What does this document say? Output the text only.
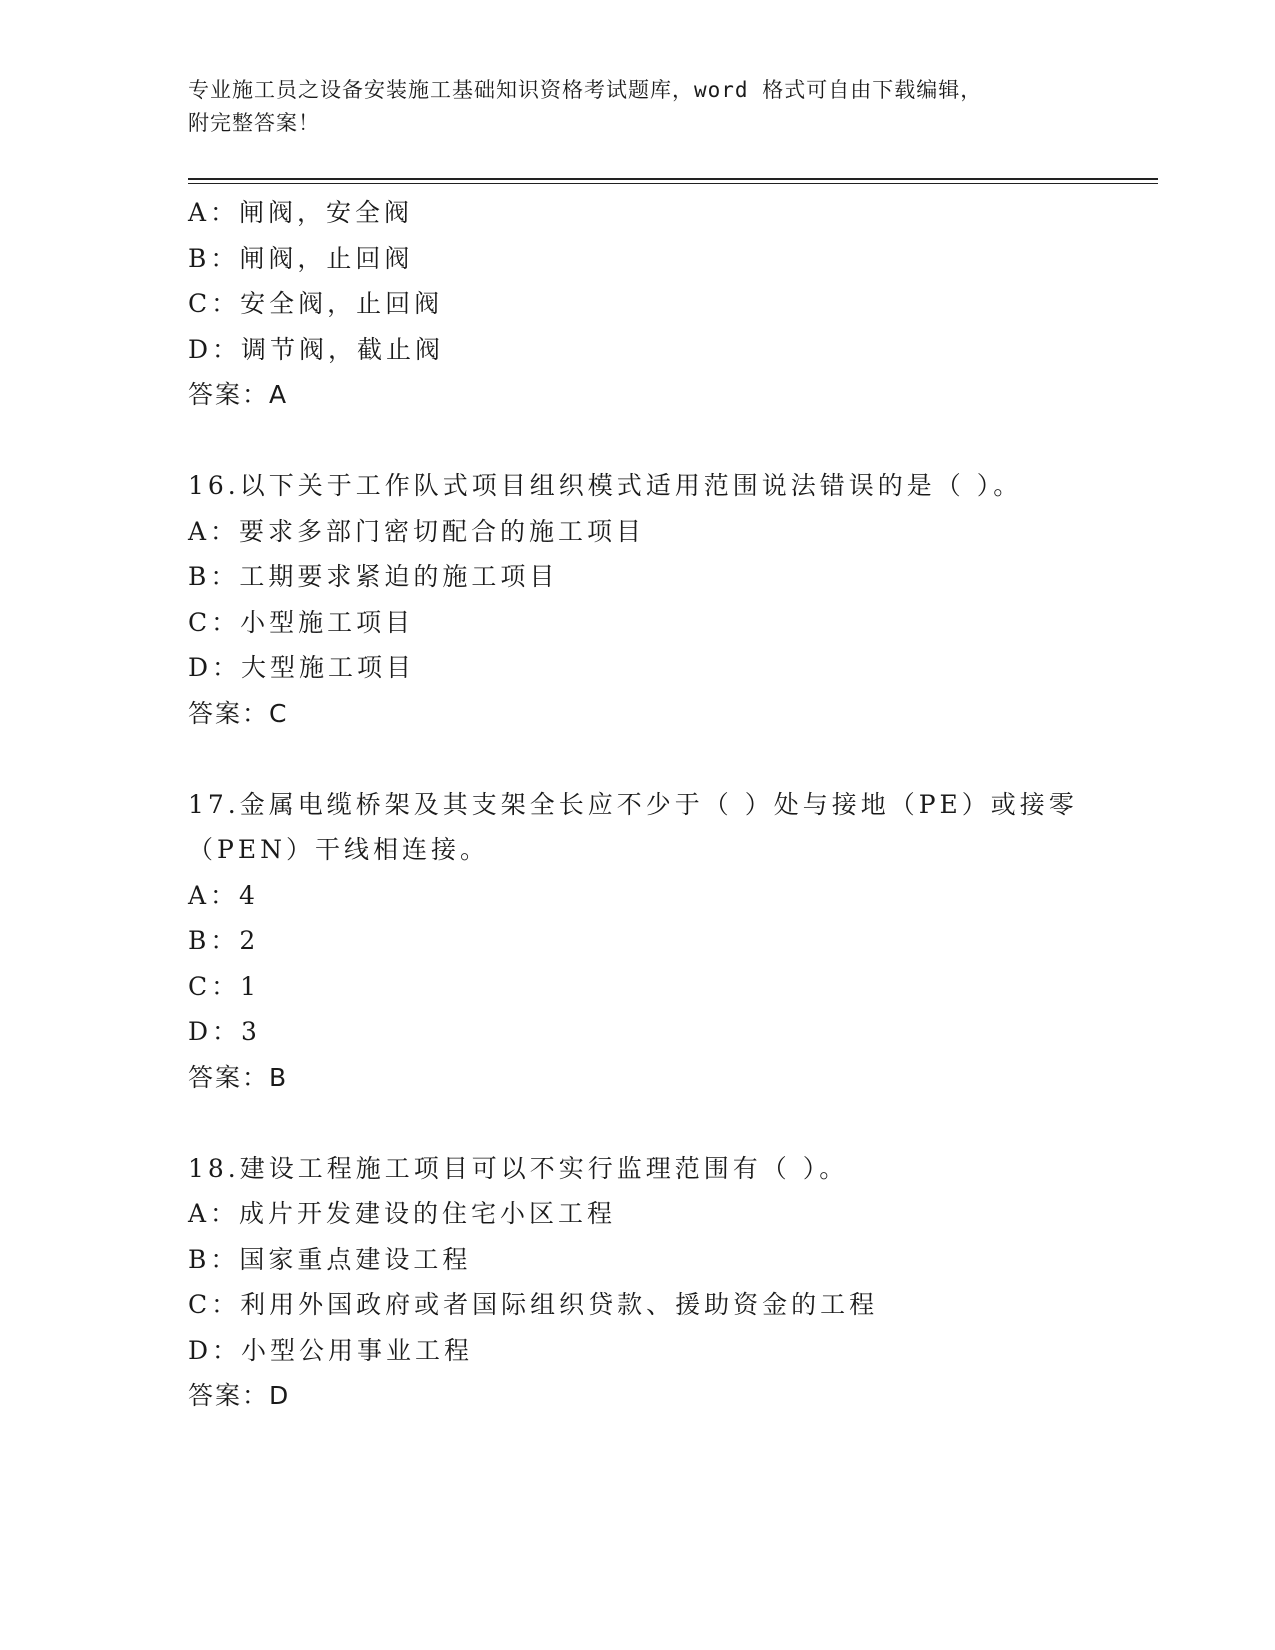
专业施工员之设备安装施工基础知识资格考试题库，word 格式可自由下载编辑，
附完整答案！
A：闸阀，安全阀
B：闸阀，止回阀
C：安全阀，止回阀
D：调节阀，截止阀
答案：A
16.以下关于工作队式项目组织模式适用范围说法错误的是（ ）。
A：要求多部门密切配合的施工项目
B：工期要求紧迫的施工项目
C：小型施工项目
D：大型施工项目
答案：C
17.金属电缆桥架及其支架全长应不少于（ ）处与接地（PE）或接零
（PEN）干线相连接。
A：4
B：2
C：1
D：3
答案：B
18.建设工程施工项目可以不实行监理范围有（ ）。
A：成片开发建设的住宅小区工程
B：国家重点建设工程
C：利用外国政府或者国际组织贷款、援助资金的工程
D：小型公用事业工程
答案：D
